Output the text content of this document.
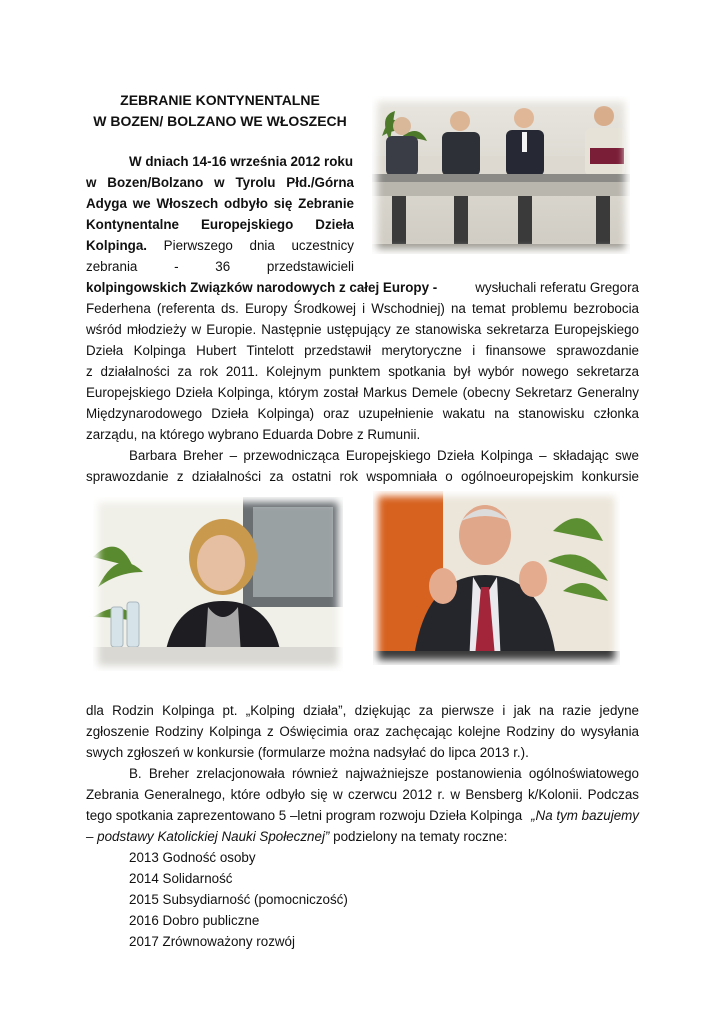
ZEBRANIE KONTYNENTALNE
W BOZEN/ BOLZANO WE WŁOSZECH
W dniach 14-16 września 2012 roku
w Bozen/Bolzano w Tyrolu Płd./Górna
Adyga we Włoszech odbyło się Zebranie
Kontynentalne Europejskiego Dzieła
Kolpinga. Pierwszego dnia uczestnicy
zebrania - 36 przedstawicieli
kolpingowskich Związków narodowych z całej Europy -	wysłuchali referatu Gregora
Federhena (referenta ds. Europy Środkowej i Wschodniej) na temat problemu bezrobocia
wśród młodzieży w Europie. Następnie ustępujący ze stanowiska sekretarza Europejskiego
Dzieła Kolpinga Hubert Tintelott przedstawił merytoryczne i finansowe sprawozdanie
z działalności za rok 2011. Kolejnym punktem spotkania był wybór nowego sekretarza
Europejskiego Dzieła Kolpinga, którym został Markus Demele (obecny Sekretarz Generalny
Międzynarodowego Dzieła Kolpinga) oraz uzupełnienie wakatu na stanowisku członka
zarządu, na którego wybrano Eduarda Dobre z Rumunii.
Barbara Breher – przewodnicząca Europejskiego Dzieła Kolpinga – składając swe
sprawozdanie z działalności za ostatni rok wspomniała o ogólnoeuropejskim konkursie
dla Rodzin Kolpinga pt. „Kolping działa”, dziękując za pierwsze i jak na razie jedyne
zgłoszenie Rodziny Kolpinga z Oświęcimia oraz zachęcając kolejne Rodziny do wysyłania
swych zgłoszeń w konkursie (formularze można nadsyłać do lipca 2013 r.).
B. Breher zrelacjonowała również najważniejsze postanowienia ogólnoświatowego
Zebrania Generalnego, które odbyło się w czerwcu 2012 r. w Bensberg k/Kolonii. Podczas
tego spotkania zaprezentowano 5 –letni program rozwoju Dzieła Kolpinga „Na tym bazujemy
– podstawy Katolickiej Nauki Społecznej” podzielony na tematy roczne:
2013 Godność osoby
2014 Solidarność
2015 Subsydiarność (pomocniczość)
2016 Dobro publiczne
2017 Zrównoważony rozwój
